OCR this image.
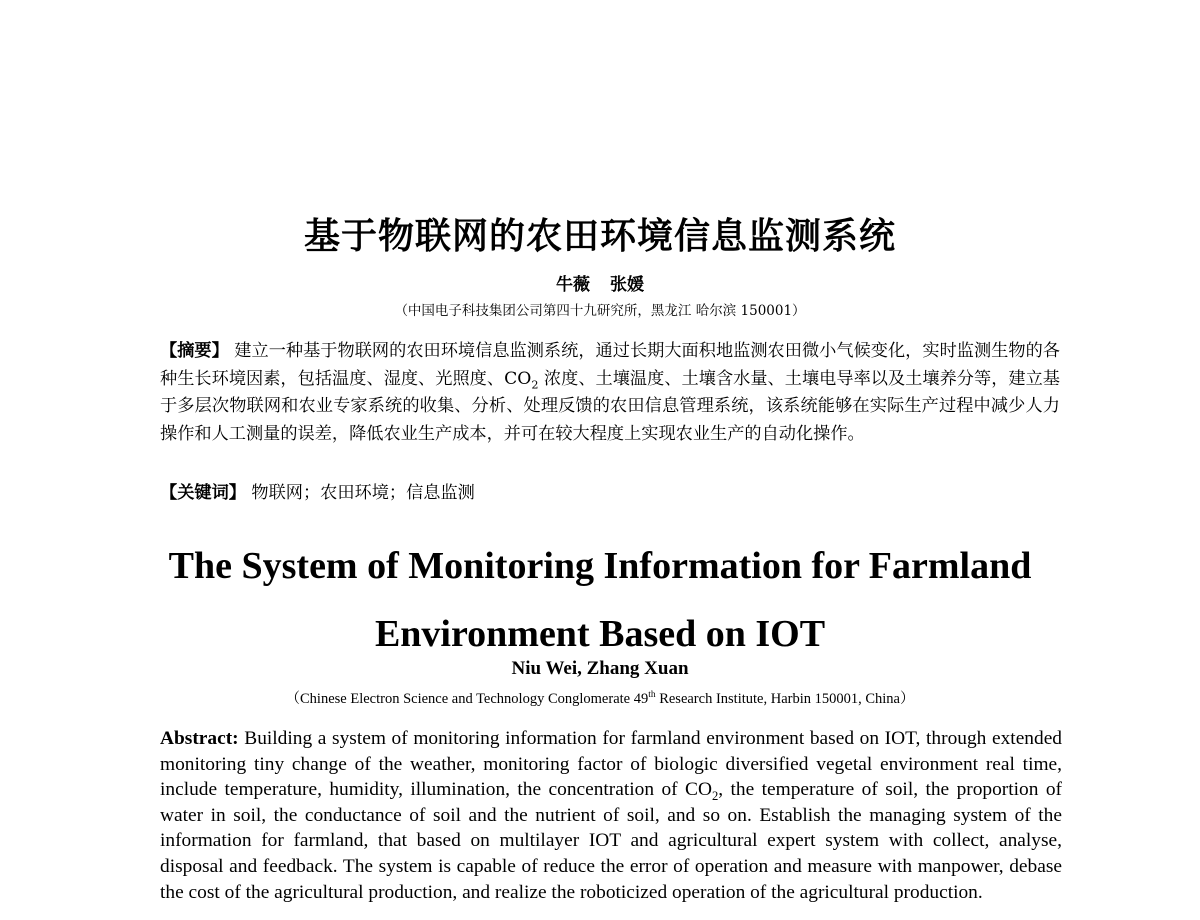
基于物联网的农田环境信息监测系统
牛薇 张媛
（中国电子科技集团公司第四十九研究所，黑龙江 哈尔滨 150001）
【摘要】 建立一种基于物联网的农田环境信息监测系统，通过长期大面积地监测农田微小气候变化，实时监测生物的各种生长环境因素，包括温度、湿度、光照度、$CO_2$ 浓度、土壤温度、土壤含水量、土壤电导率以及土壤养分等，建立基于多层次物联网和农业专家系统的收集、分析、处理反馈的农田信息管理系统，该系统能够在实际生产过程中减少人力操作和人工测量的误差，降低农业生产成本，并可在较大程度上实现农业生产的自动化操作。
【关键词】 物联网；农田环境；信息监测
The System of Monitoring Information for Farmland
Environment Based on IOT
Niu Wei, Zhang Xuan
（Chinese Electron Science and Technology Conglomerate 49th Research Institute, Harbin 150001, China）
Abstract: Building a system of monitoring information for farmland environment based on IOT, through extended monitoring tiny change of the weather, monitoring factor of biologic diversified vegetal environment real time, include temperature, humidity, illumination, the concentration of $CO_2$, the temperature of soil, the proportion of water in soil, the conductance of soil and the nutrient of soil, and so on. Establish the managing system of the information for farmland, that based on multilayer IOT and agricultural expert system with collect, analyse, disposal and feedback. The system is capable of reduce the error of operation and measure with manpower, debase the cost of the agricultural production, and realize the roboticized operation of the agricultural production.
